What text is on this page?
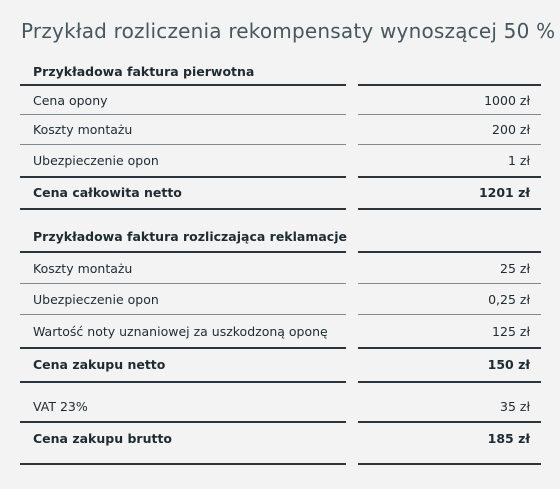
Przykład rozliczenia rekompensaty wynoszącej 50 %
Przykładowa faktura pierwotna
Cena opony	1000 zł
Koszty montażu	200 zł
Ubezpieczenie opon	1 zł
Cena całkowita netto	1201 zł
Przykładowa faktura rozliczająca reklamacje
Koszty montażu	25 zł
Ubezpieczenie opon	0,25 zł
Wartość noty uznaniowej za uszkodzoną oponę	125 zł
Cena zakupu netto	150 zł
VAT 23%	35 zł
Cena zakupu brutto	185 zł
